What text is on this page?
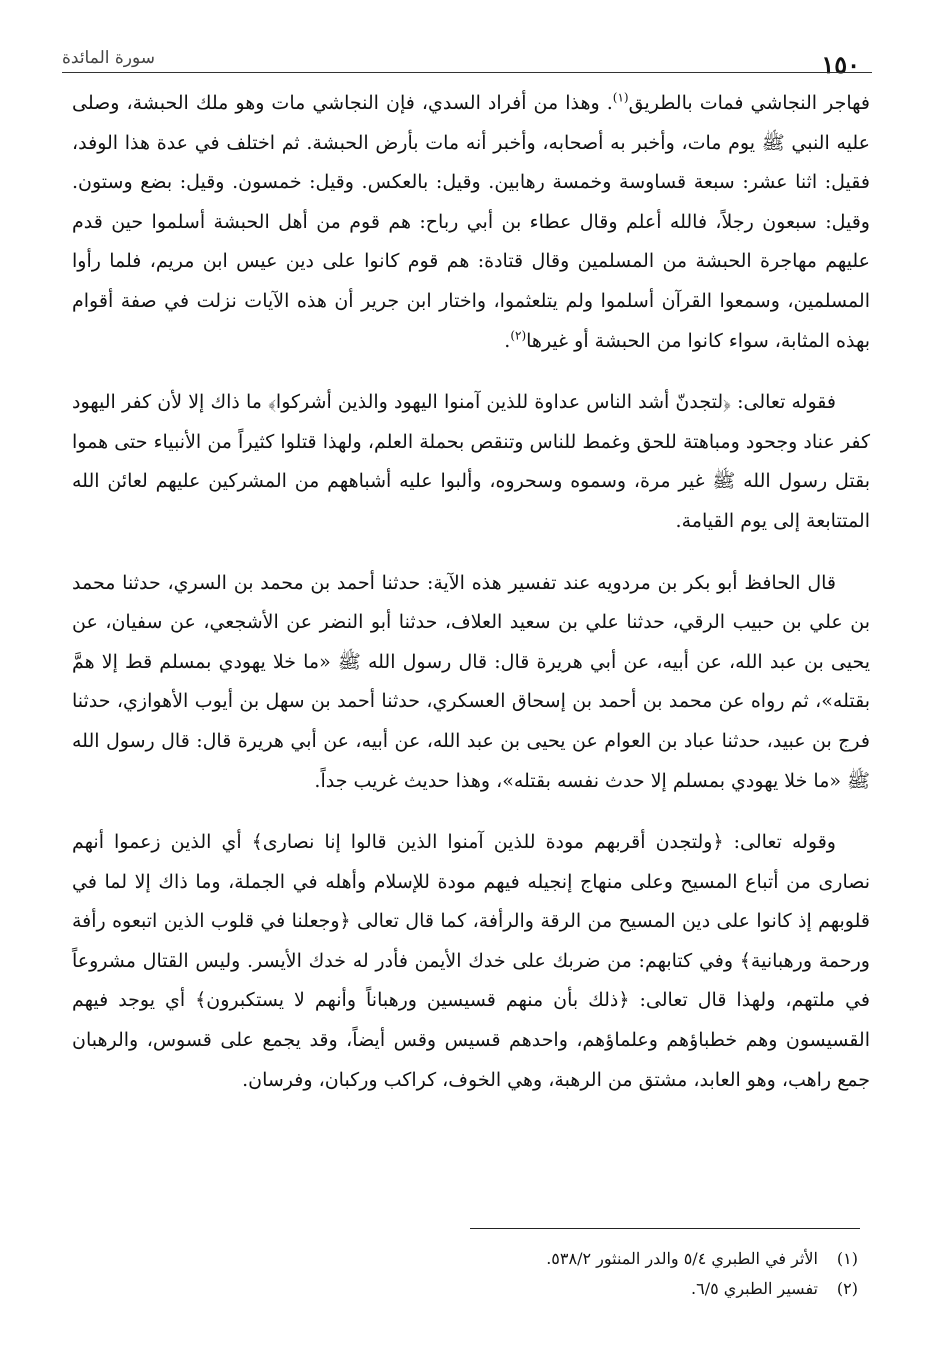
سورة المائدة	١٥٠

فهاجر النجاشي فمات بالطريق$^{(١)}$. وهذا من أفراد السدي، فإن النجاشي مات وهو ملك الحبشة، وصلى عليه النبي ﷺ يوم مات، وأخبر به أصحابه، وأخبر أنه مات بأرض الحبشة. ثم اختلف في عدة هذا الوفد، فقيل: اثنا عشر: سبعة قساوسة وخمسة رهابين. وقيل: بالعكس. وقيل: خمسون. وقيل: بضع وستون. وقيل: سبعون رجلاً، فالله أعلم وقال عطاء بن أبي رباح: هم قوم من أهل الحبشة أسلموا حين قدم عليهم مهاجرة الحبشة من المسلمين وقال قتادة: هم قوم كانوا على دين عيس ابن مريم، فلما رأوا المسلمين، وسمعوا القرآن أسلموا ولم يتلعثموا، واختار ابن جرير أن هذه الآيات نزلت في صفة أقوام بهذه المثابة، سواء كانوا من الحبشة أو غيرها$^{(٢)}$.

فقوله تعالى: ﴿لتجدنّ أشد الناس عداوة للذين آمنوا اليهود والذين أشركوا﴾ ما ذاك إلا لأن كفر اليهود كفر عناد وجحود ومباهتة للحق وغمط للناس وتنقص بحملة العلم، ولهذا قتلوا كثيراً من الأنبياء حتى هموا بقتل رسول الله ﷺ غير مرة، وسموه وسحروه، وألبوا عليه أشباههم من المشركين عليهم لعائن الله المتتابعة إلى يوم القيامة.

قال الحافظ أبو بكر بن مردويه عند تفسير هذه الآية: حدثنا أحمد بن محمد بن السري، حدثنا محمد بن علي بن حبيب الرقي، حدثنا علي بن سعيد العلاف، حدثنا أبو النضر عن الأشجعي، عن سفيان، عن يحيى بن عبد الله، عن أبيه، عن أبي هريرة قال: قال رسول الله ﷺ «ما خلا يهودي بمسلم قط إلا همَّ بقتله»، ثم رواه عن محمد بن أحمد بن إسحاق العسكري، حدثنا أحمد بن سهل بن أيوب الأهوازي، حدثنا فرج بن عبيد، حدثنا عباد بن العوام عن يحيى بن عبد الله، عن أبيه، عن أبي هريرة قال: قال رسول الله ﷺ «ما خلا يهودي بمسلم إلا حدث نفسه بقتله»، وهذا حديث غريب جداً.

وقوله تعالى: ﴿ولتجدن أقربهم مودة للذين آمنوا الذين قالوا إنا نصارى﴾ أي الذين زعموا أنهم نصارى من أتباع المسيح وعلى منهاج إنجيله فيهم مودة للإسلام وأهله في الجملة، وما ذاك إلا لما في قلوبهم إذ كانوا على دين المسيح من الرقة والرأفة، كما قال تعالى ﴿وجعلنا في قلوب الذين اتبعوه رأفة ورحمة ورهبانية﴾ وفي كتابهم: من ضربك على خدك الأيمن فأدر له خدك الأيسر. وليس القتال مشروعاً في ملتهم، ولهذا قال تعالى: ﴿ذلك بأن منهم قسيسين ورهباناً وأنهم لا يستكبرون﴾ أي يوجد فيهم القسيسون وهم خطباؤهم وعلماؤهم، واحدهم قسيس وقس أيضاً، وقد يجمع على قسوس، والرهبان جمع راهب، وهو العابد، مشتق من الرهبة، وهي الخوف، كراكب وركبان، وفرسان.

(١)
الأثر في الطبري ٥/٤ والدر المنثور ٥٣٨/٢.
(٢)
تفسير الطبري ٦/٥.
